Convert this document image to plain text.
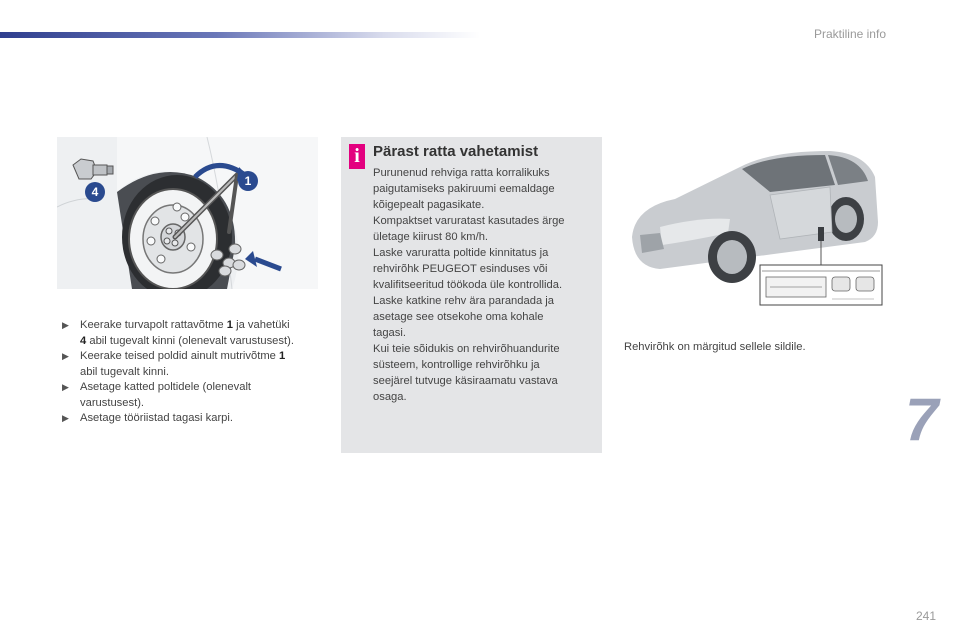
Praktiline info
1
4
▶ Keerake turvapolt rattavõtme 1 ja vahetüki
4 abil tugevalt kinni (olenevalt varustusest).
▶ Keerake teised poldid ainult mutrivõtme 1
abil tugevalt kinni.
▶ Asetage katted poltidele (olenevalt
varustusest).
▶ Asetage tööriistad tagasi karpi.
i Pärast ratta vahetamist

Purunenud rehviga ratta korralikuks

paigutamiseks pakiruumi eemaldage

kõigepealt pagasikate.

Kompaktset varuratast kasutades ärge

ületage kiirust 80 km/h.

Laske varuratta poltide kinnitatus ja

rehvirõhk PEUGEOT esinduses või

kvalifitseeritud töökoda üle kontrollida.

Laske katkine rehv ära parandada ja

asetage see otsekohe oma kohale

tagasi.

Kui teie sõidukis on rehvirõhuandurite

süsteem, kontrollige rehvirõhku ja

seejärel tutvuge käsiraamatu vastava

osaga.

Rehvirõhk on märgitud sellele sildile.
7
241
